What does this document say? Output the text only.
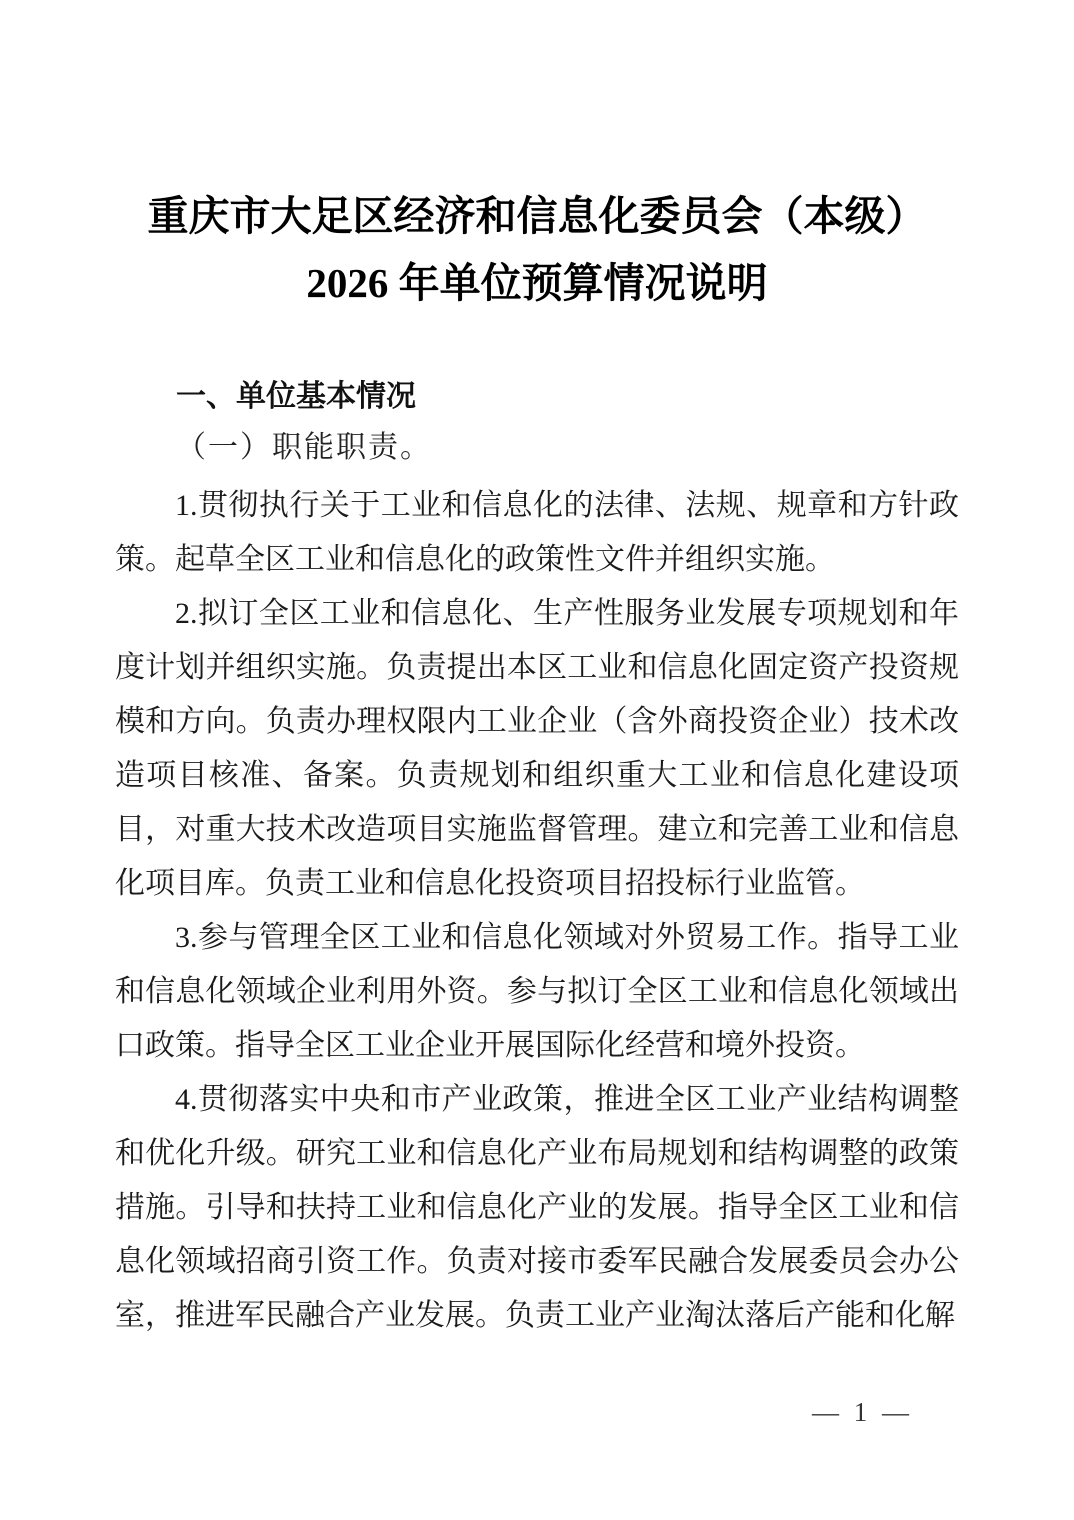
重庆市大足区经济和信息化委员会（本级）
2026 年单位预算情况说明
一、单位基本情况
（一）职能职责。

1.贯彻执行关于工业和信息化的法律、法规、规章和方针政策。起草全区工业和信息化的政策性文件并组织实施。

2.拟订全区工业和信息化、生产性服务业发展专项规划和年度计划并组织实施。负责提出本区工业和信息化固定资产投资规模和方向。负责办理权限内工业企业（含外商投资企业）技术改造项目核准、备案。负责规划和组织重大工业和信息化建设项目，对重大技术改造项目实施监督管理。建立和完善工业和信息化项目库。负责工业和信息化投资项目招投标行业监管。

3.参与管理全区工业和信息化领域对外贸易工作。指导工业和信息化领域企业利用外资。参与拟订全区工业和信息化领域出口政策。指导全区工业企业开展国际化经营和境外投资。

4.贯彻落实中央和市产业政策，推进全区工业产业结构调整和优化升级。研究工业和信息化产业布局规划和结构调整的政策措施。引导和扶持工业和信息化产业的发展。指导全区工业和信息化领域招商引资工作。负责对接市委军民融合发展委员会办公室，推进军民融合产业发展。负责工业产业淘汰落后产能和化解

— 1 —
